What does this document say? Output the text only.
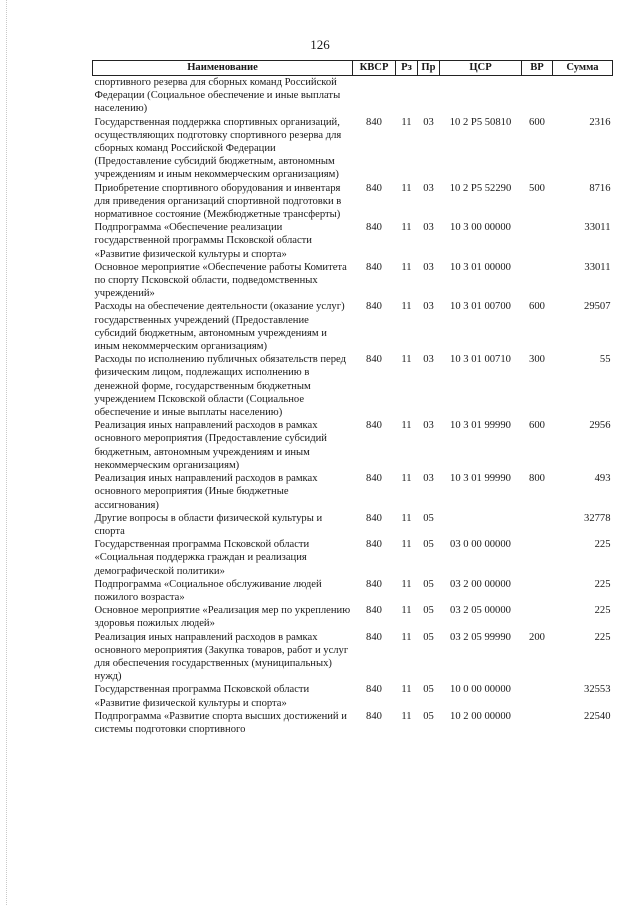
126
Наименование	КВСР	Рз	Пр	ЦСР	ВР	Сумма
спортивного резерва для сборных команд Российской Федерации (Социальное обеспечение и иные выплаты населению)						
Государственная поддержка спортивных организаций, осуществляющих подготовку спортивного резерва для сборных команд Российской Федерации (Предоставление субсидий бюджетным, автономным учреждениям и иным некоммерческим организациям)	840	11	03	10 2 P5 50810	600	2316
Приобретение спортивного оборудования и инвентаря для приведения организаций спортивной подготовки в нормативное состояние (Межбюджетные трансферты)	840	11	03	10 2 P5 52290	500	8716
Подпрограмма «Обеспечение реализации государственной программы Псковской области «Развитие физической культуры и спорта»	840	11	03	10 3 00 00000		33011
Основное мероприятие «Обеспечение работы Комитета по спорту Псковской области, подведомственных учреждений»	840	11	03	10 3 01 00000		33011
Расходы на обеспечение деятельности (оказание услуг) государственных учреждений (Предоставление субсидий бюджетным, автономным учреждениям и иным некоммерческим организациям)	840	11	03	10 3 01 00700	600	29507
Расходы по исполнению публичных обязательств перед физическим лицом, подлежащих исполнению в денежной форме, государственным бюджетным учреждением Псковской области (Социальное обеспечение и иные выплаты населению)	840	11	03	10 3 01 00710	300	55
Реализация иных направлений расходов в рамках основного мероприятия (Предоставление субсидий бюджетным, автономным учреждениям и иным некоммерческим организациям)	840	11	03	10 3 01 99990	600	2956
Реализация иных направлений расходов в рамках основного мероприятия (Иные бюджетные ассигнования)	840	11	03	10 3 01 99990	800	493
Другие вопросы в области физической культуры и спорта	840	11	05			32778
Государственная программа Псковской области «Социальная поддержка граждан и реализация демографической политики»	840	11	05	03 0 00 00000		225
Подпрограмма «Социальное обслуживание людей пожилого возраста»	840	11	05	03 2 00 00000		225
Основное мероприятие «Реализация мер по укреплению здоровья пожилых людей»	840	11	05	03 2 05 00000		225
Реализация иных направлений расходов в рамках основного мероприятия (Закупка товаров, работ и услуг для обеспечения государственных (муниципальных) нужд)	840	11	05	03 2 05 99990	200	225
Государственная программа Псковской области «Развитие физической культуры и спорта»	840	11	05	10 0 00 00000		32553
Подпрограмма «Развитие спорта высших достижений и системы подготовки спортивного	840	11	05	10 2 00 00000		22540
